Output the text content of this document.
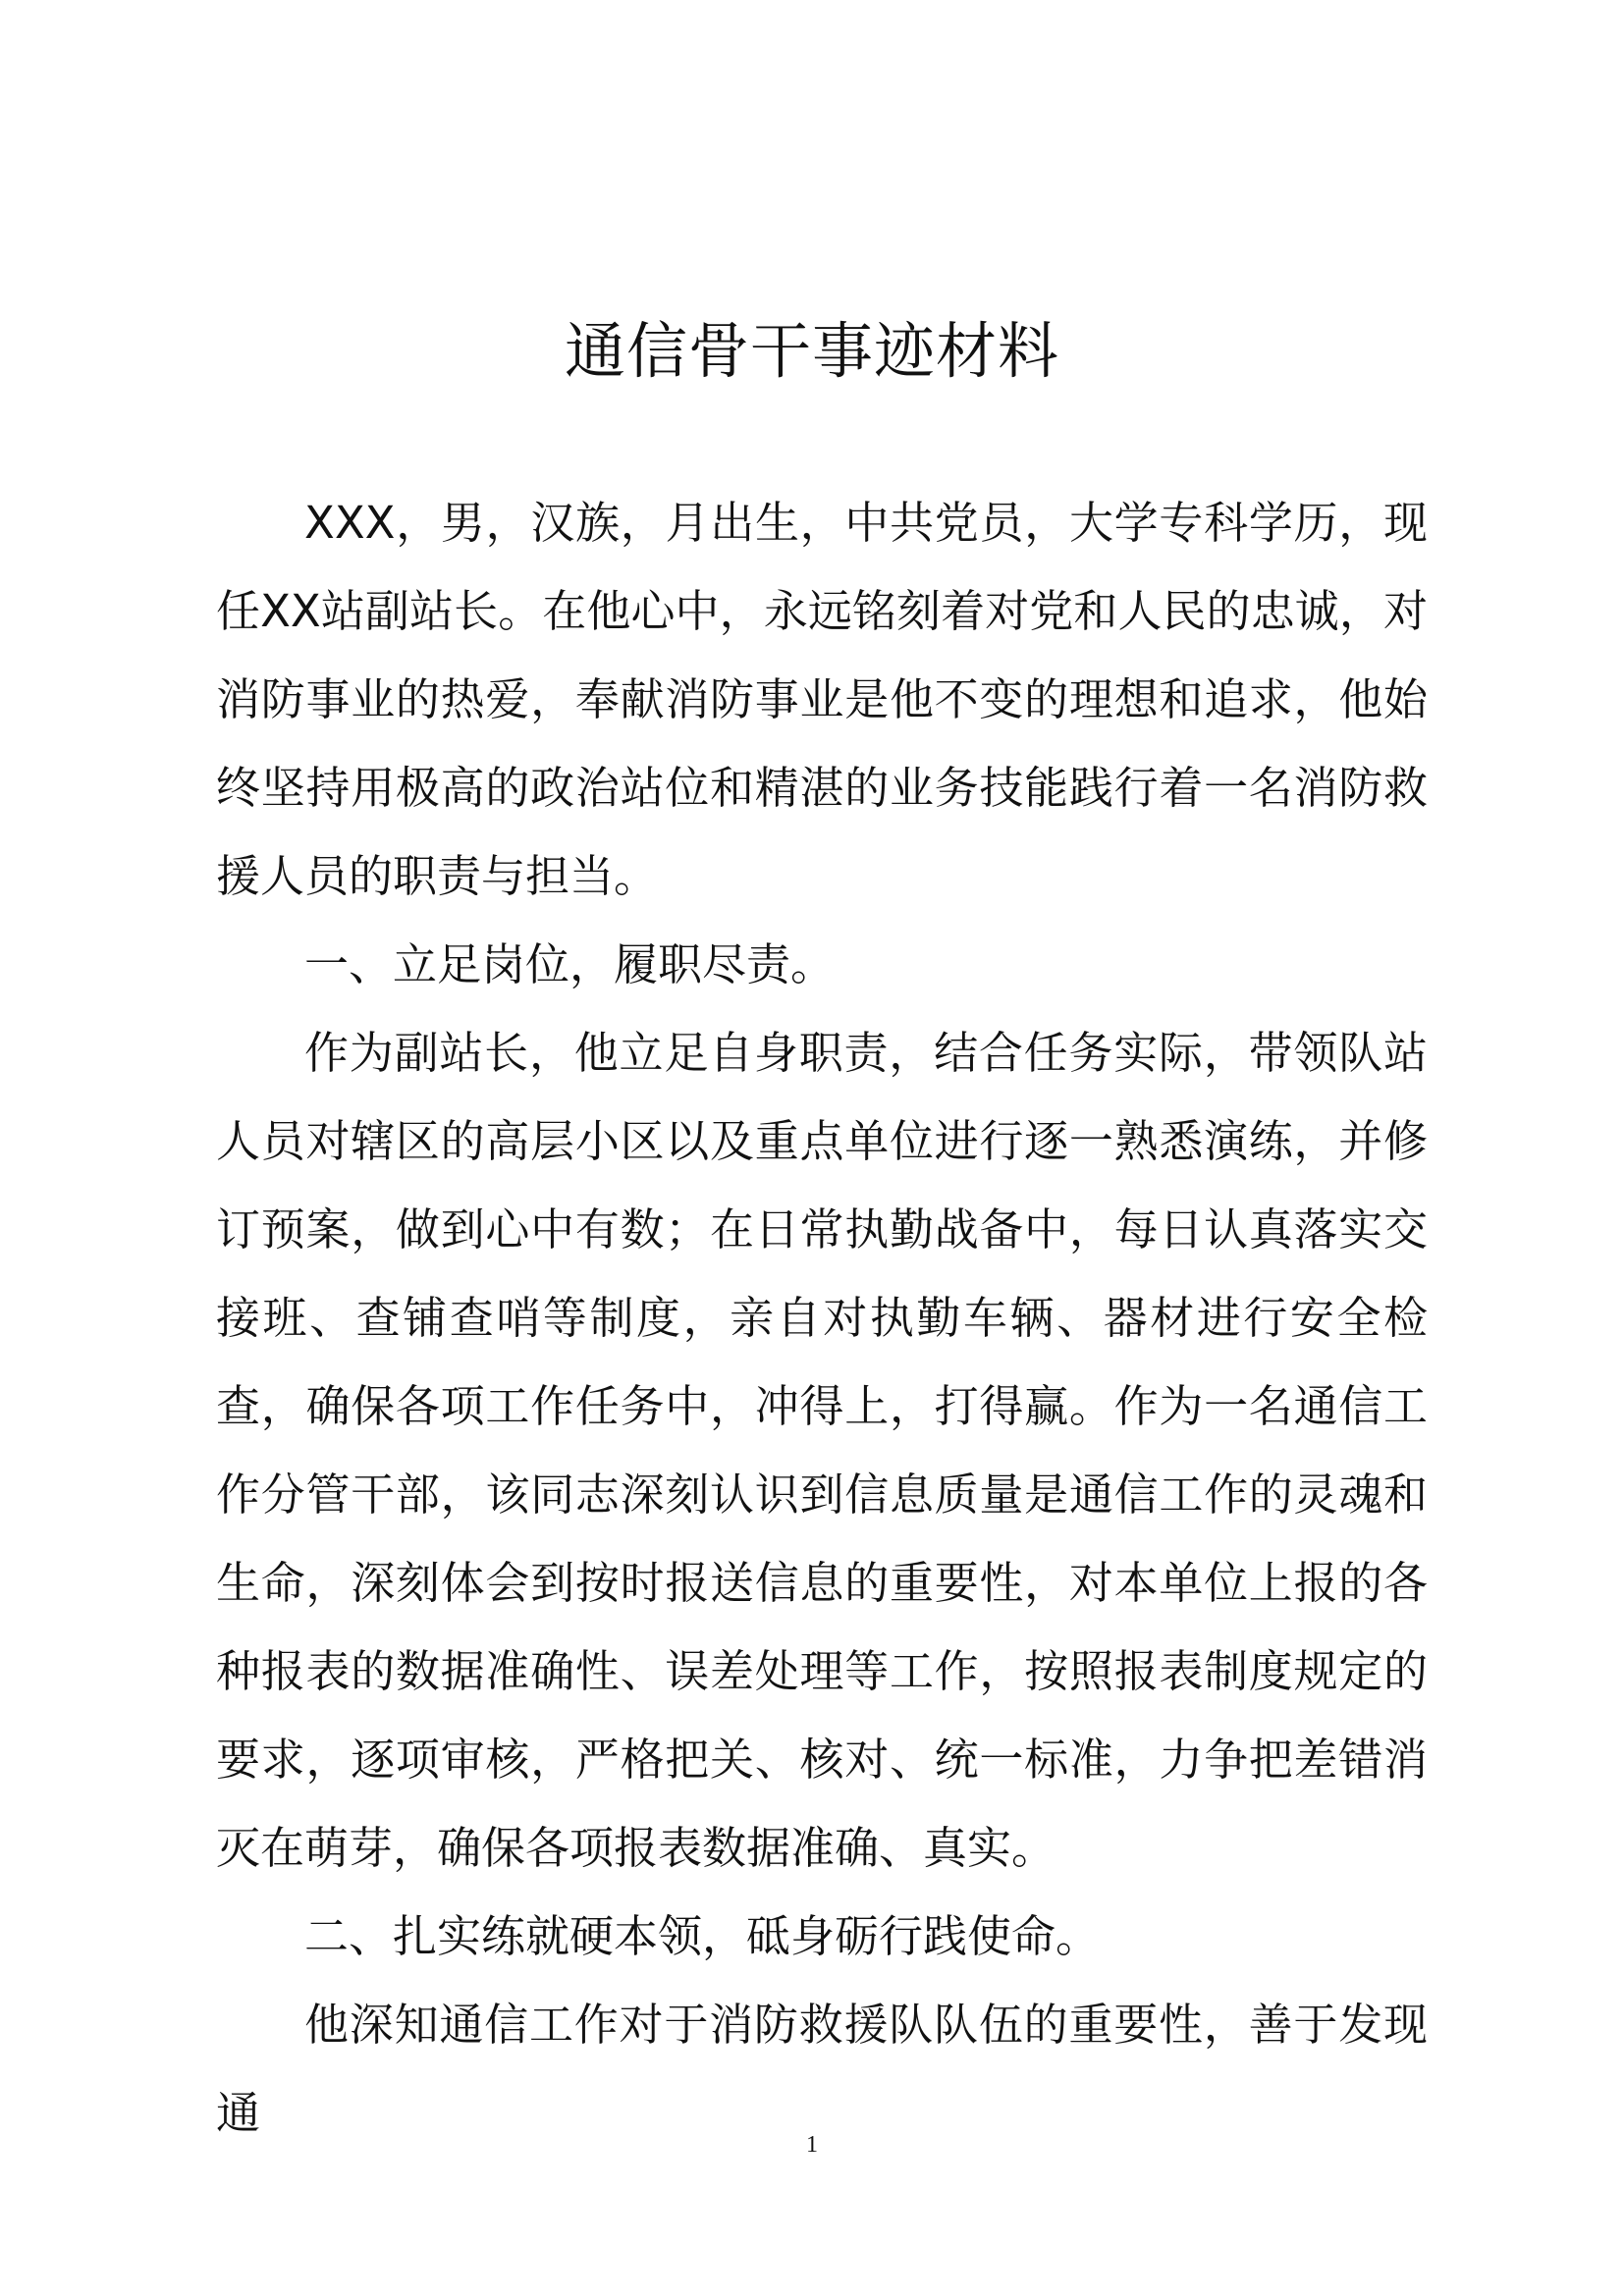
通信骨干事迹材料

XXX，男，汉族，月出生，中共党员，大学专科学历，现任XX站副站长。在他心中，永远铭刻着对党和人民的忠诚，对消防事业的热爱，奉献消防事业是他不变的理想和追求，他始终坚持用极高的政治站位和精湛的业务技能践行着一名消防救援人员的职责与担当。

一、立足岗位，履职尽责。

作为副站长，他立足自身职责，结合任务实际，带领队站人员对辖区的高层小区以及重点单位进行逐一熟悉演练，并修订预案，做到心中有数；在日常执勤战备中，每日认真落实交接班、查铺查哨等制度，亲自对执勤车辆、器材进行安全检查，确保各项工作任务中，冲得上，打得赢。作为一名通信工作分管干部，该同志深刻认识到信息质量是通信工作的灵魂和生命，深刻体会到按时报送信息的重要性，对本单位上报的各种报表的数据准确性、误差处理等工作，按照报表制度规定的要求，逐项审核，严格把关、核对、统一标准，力争把差错消灭在萌芽，确保各项报表数据准确、真实。

二、扎实练就硬本领，砥身砺行践使命。

他深知通信工作对于消防救援队队伍的重要性，善于发现通

1
